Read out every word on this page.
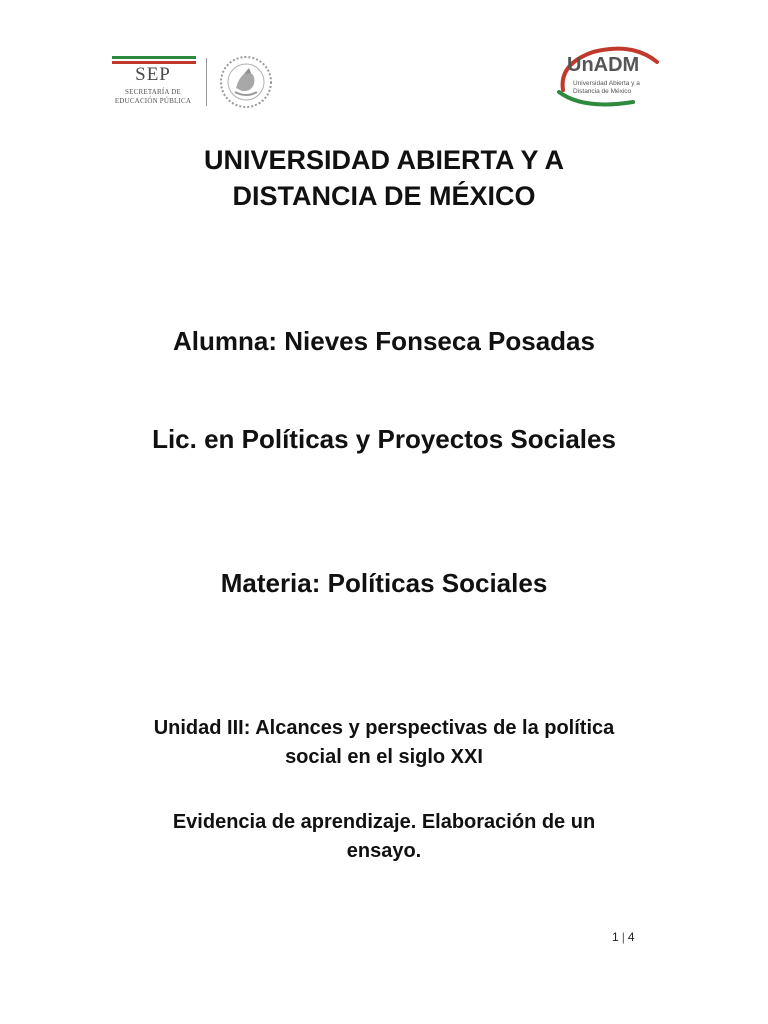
SEP
SECRETARÍA DE
EDUCACIÓN PÚBLICA
UnADM
Universidad Abierta y a
Distancia de México
UNIVERSIDAD ABIERTA Y A
DISTANCIA DE MÉXICO
Alumna: Nieves Fonseca Posadas
Lic. en Políticas y Proyectos Sociales
Materia: Políticas Sociales
Unidad III: Alcances y perspectivas de la política
social en el siglo XXI
Evidencia de aprendizaje. Elaboración de un
ensayo.
1 | 4
